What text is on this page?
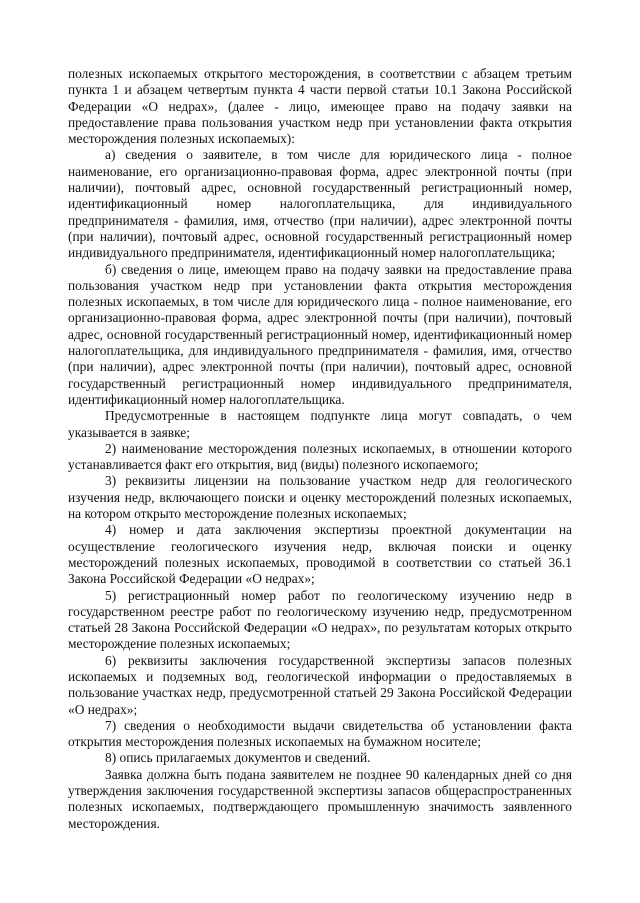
полезных ископаемых открытого месторождения, в соответствии с абзацем третьим пункта 1 и абзацем четвертым пункта 4 части первой статьи 10.1 Закона Российской Федерации «О недрах», (далее - лицо, имеющее право на подачу заявки на предоставление права пользования участком недр при установлении факта открытия месторождения полезных ископаемых):

а) сведения о заявителе, в том числе для юридического лица - полное наименование, его организационно-правовая форма, адрес электронной почты (при наличии), почтовый адрес, основной государственный регистрационный номер, идентификационный номер налогоплательщика, для индивидуального предпринимателя - фамилия, имя, отчество (при наличии), адрес электронной почты (при наличии), почтовый адрес, основной государственный регистрационный номер индивидуального предпринимателя, идентификационный номер налогоплательщика;

б) сведения о лице, имеющем право на подачу заявки на предоставление права пользования участком недр при установлении факта открытия месторождения полезных ископаемых, в том числе для юридического лица - полное наименование, его организационно-правовая форма, адрес электронной почты (при наличии), почтовый адрес, основной государственный регистрационный номер, идентификационный номер налогоплательщика, для индивидуального предпринимателя - фамилия, имя, отчество (при наличии), адрес электронной почты (при наличии), почтовый адрес, основной государственный регистрационный номер индивидуального предпринимателя, идентификационный номер налогоплательщика.

Предусмотренные в настоящем подпункте лица могут совпадать, о чем указывается в заявке;

2) наименование месторождения полезных ископаемых, в отношении которого устанавливается факт его открытия, вид (виды) полезного ископаемого;

3) реквизиты лицензии на пользование участком недр для геологического изучения недр, включающего поиски и оценку месторождений полезных ископаемых, на котором открыто месторождение полезных ископаемых;

4) номер и дата заключения экспертизы проектной документации на осуществление геологического изучения недр, включая поиски и оценку месторождений полезных ископаемых, проводимой в соответствии со статьей 36.1 Закона Российской Федерации «О недрах»;

5) регистрационный номер работ по геологическому изучению недр в государственном реестре работ по геологическому изучению недр, предусмотренном статьей 28 Закона Российской Федерации «О недрах», по результатам которых открыто месторождение полезных ископаемых;

6) реквизиты заключения государственной экспертизы запасов полезных ископаемых и подземных вод, геологической информации о предоставляемых в пользование участках недр, предусмотренной статьей 29 Закона Российской Федерации «О недрах»;

7) сведения о необходимости выдачи свидетельства об установлении факта открытия месторождения полезных ископаемых на бумажном носителе;

8) опись прилагаемых документов и сведений.

Заявка должна быть подана заявителем не позднее 90 календарных дней со дня утверждения заключения государственной экспертизы запасов общераспространенных полезных ископаемых, подтверждающего промышленную значимость заявленного месторождения.
